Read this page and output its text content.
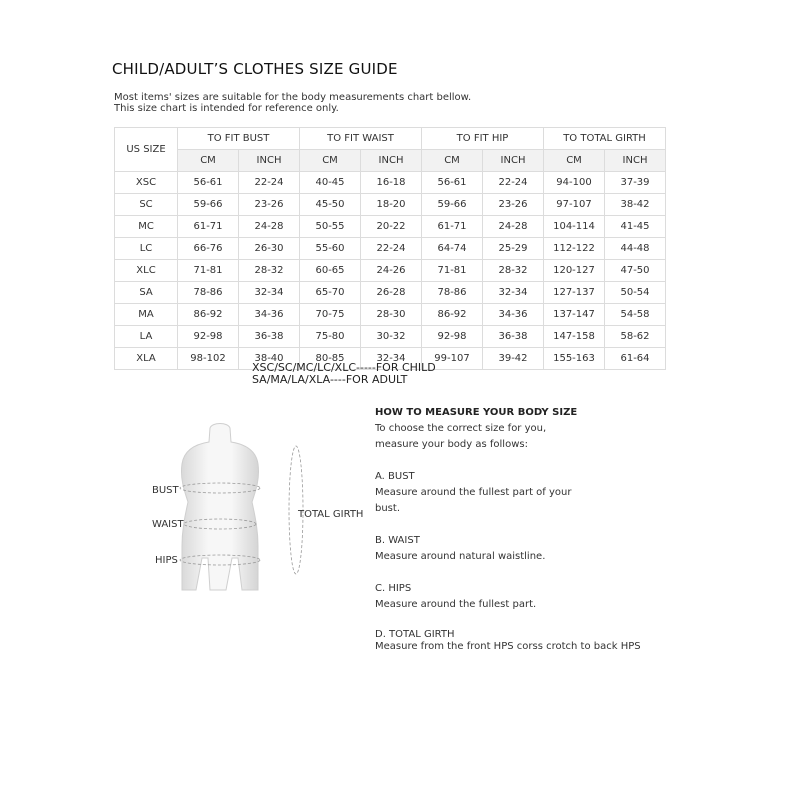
CHILD/ADULT’S CLOTHES SIZE GUIDE
Most items' sizes are suitable for the body measurements chart bellow.
This size chart is intended for reference only.
US SIZE	TO FIT BUST		TO FIT WAIST		TO FIT HIP		TO TOTAL GIRTH	
	CM	INCH	CM	INCH	CM	INCH	CM	INCH
XSC	56-61	22-24	40-45	16-18	56-61	22-24	94-100	37-39
SC	59-66	23-26	45-50	18-20	59-66	23-26	97-107	38-42
MC	61-71	24-28	50-55	20-22	61-71	24-28	104-114	41-45
LC	66-76	26-30	55-60	22-24	64-74	25-29	112-122	44-48
XLC	71-81	28-32	60-65	24-26	71-81	28-32	120-127	47-50
SA	78-86	32-34	65-70	26-28	78-86	32-34	127-137	50-54
MA	86-92	34-36	70-75	28-30	86-92	34-36	137-147	54-58
LA	92-98	36-38	75-80	30-32	92-98	36-38	147-158	58-62
XLA	98-102	38-40	80-85	32-34	99-107	39-42	155-163	61-64
XSC/SC/MC/LC/XLC-----FOR CHILD
SA/MA/LA/XLA----FOR ADULT
BUST
WAIST
HIPS
TOTAL GIRTH
HOW TO MEASURE YOUR BODY SIZE
To choose the correct size for you,
measure your body as follows:
A. BUST
Measure around the fullest part of your
bust.
B. WAIST
Measure around natural waistline.
C. HIPS
Measure around the fullest part.
D. TOTAL GIRTH
Measure from the front HPS corss crotch to back HPS
